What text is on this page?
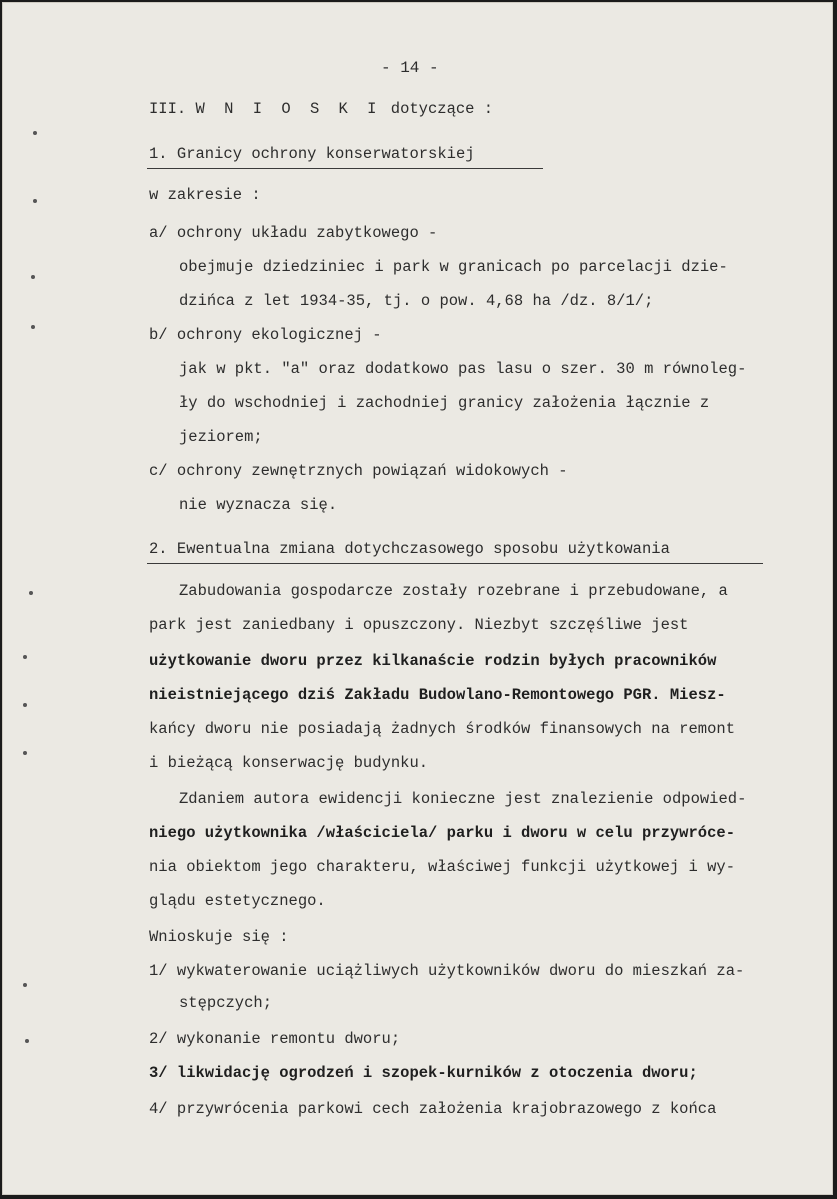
- 14 -
III. W N I O S K I dotyczące :
1. Granicy ochrony konserwatorskiej
w zakresie :
a/ ochrony układu zabytkowego -
obejmuje dziedziniec i park w granicach po parcelacji dzie-
dzińca z let 1934-35, tj. o pow. 4,68 ha /dz. 8/1/;
b/ ochrony ekologicznej -
jak w pkt. "a" oraz dodatkowo pas lasu o szer. 30 m równoleg-
ły do wschodniej i zachodniej granicy założenia łącznie z
jeziorem;
c/ ochrony zewnętrznych powiązań widokowych -
nie wyznacza się.
2. Ewentualna zmiana dotychczasowego sposobu użytkowania
Zabudowania gospodarcze zostały rozebrane i przebudowane, a
park jest zaniedbany i opuszczony. Niezbyt szczęśliwe jest
użytkowanie dworu przez kilkanaście rodzin byłych pracowników
nieistniejącego dziś Zakładu Budowlano-Remontowego PGR. Miesz-
kańcy dworu nie posiadają żadnych środków finansowych na remont
i bieżącą konserwację budynku.
Zdaniem autora ewidencji konieczne jest znalezienie odpowied-
niego użytkownika /właściciela/ parku i dworu w celu przywróce-
nia obiektom jego charakteru, właściwej funkcji użytkowej i wy-
glądu estetycznego.
Wnioskuje się :
1/ wykwaterowanie uciążliwych użytkowników dworu do mieszkań za-
stępczych;
2/ wykonanie remontu dworu;
3/ likwidację ogrodzeń i szopek-kurników z otoczenia dworu;
4/ przywrócenia parkowi cech założenia krajobrazowego z końca
